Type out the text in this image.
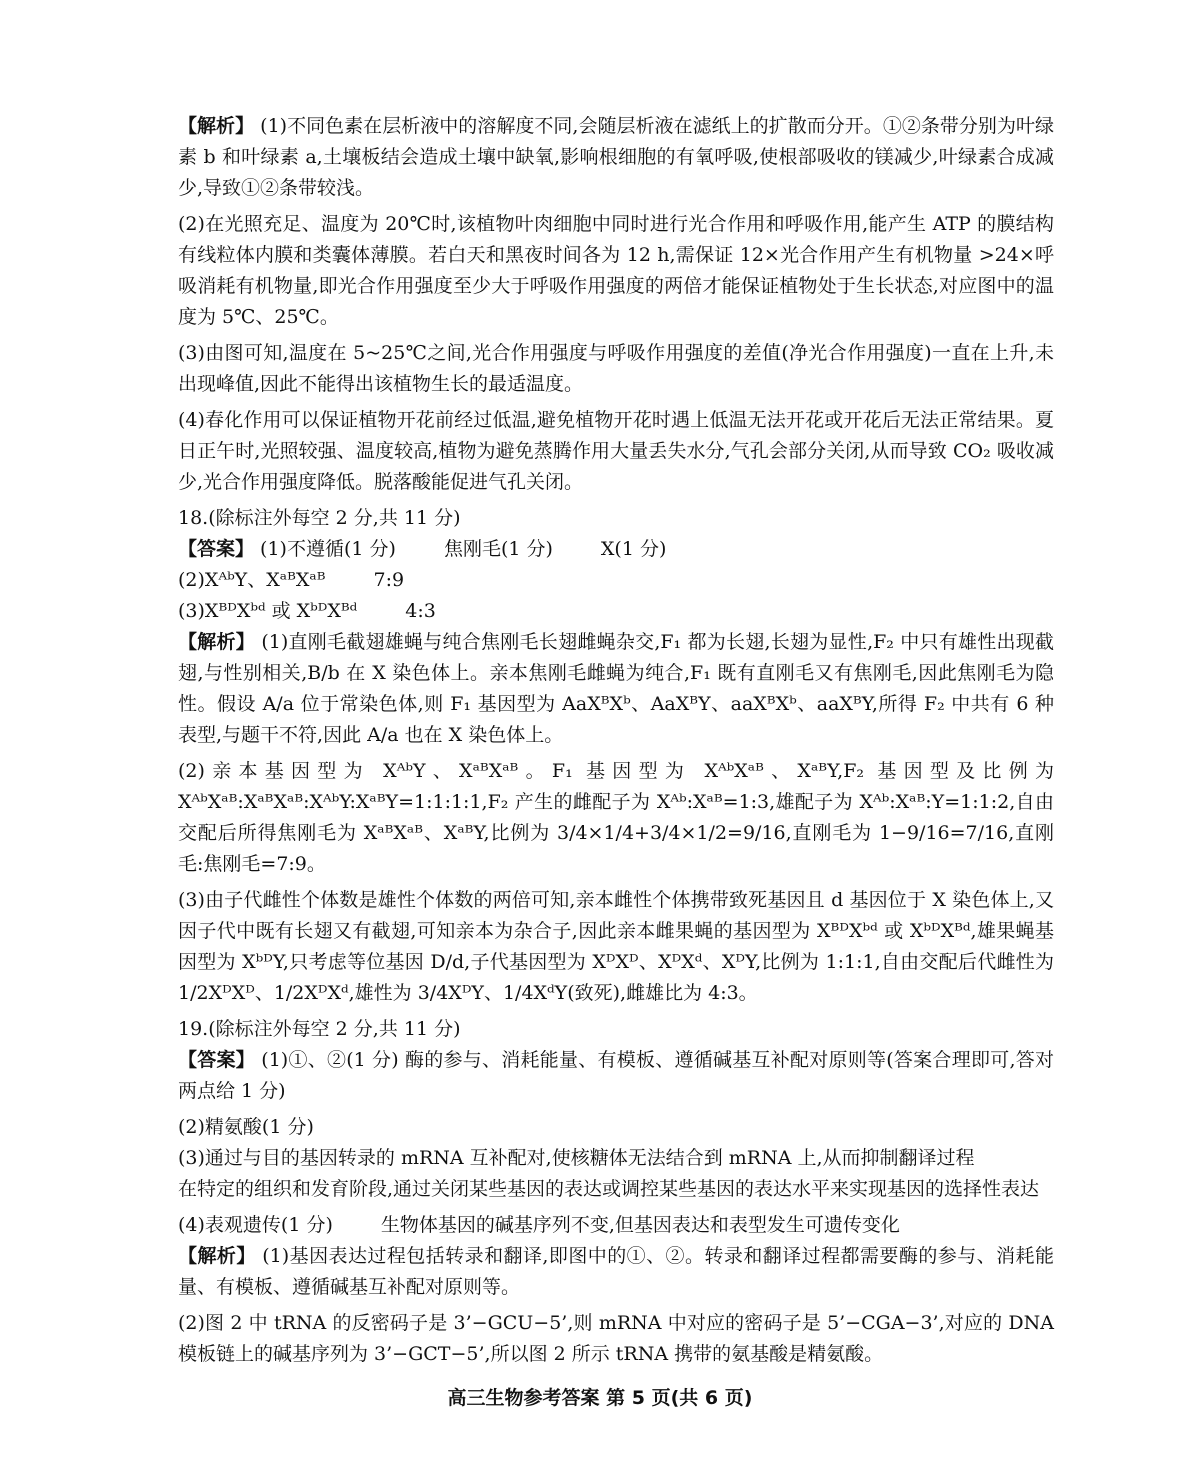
【解析】 (1)不同色素在层析液中的溶解度不同,会随层析液在滤纸上的扩散而分开。①②条带分别为叶绿素 b 和叶绿素 a,土壤板结会造成土壤中缺氧,影响根细胞的有氧呼吸,使根部吸收的镁减少,叶绿素合成减少,导致①②条带较浅。

(2)在光照充足、温度为 20℃时,该植物叶肉细胞中同时进行光合作用和呼吸作用,能产生 ATP 的膜结构有线粒体内膜和类囊体薄膜。若白天和黑夜时间各为 12 h,需保证 12×光合作用产生有机物量 >24×呼吸消耗有机物量,即光合作用强度至少大于呼吸作用强度的两倍才能保证植物处于生长状态,对应图中的温度为 5℃、25℃。

(3)由图可知,温度在 5~25℃之间,光合作用强度与呼吸作用强度的差值(净光合作用强度)一直在上升,未出现峰值,因此不能得出该植物生长的最适温度。

(4)春化作用可以保证植物开花前经过低温,避免植物开花时遇上低温无法开花或开花后无法正常结果。夏日正午时,光照较强、温度较高,植物为避免蒸腾作用大量丢失水分,气孔会部分关闭,从而导致 CO₂ 吸收减少,光合作用强度降低。脱落酸能促进气孔关闭。

18.(除标注外每空 2 分,共 11 分)

【答案】 (1)不遵循(1 分)	焦刚毛(1 分)	X(1 分)

(2)XᴬᵇY、XᵃᴮXᵃᴮ	7:9

(3)XᴮᴰXᵇᵈ 或 XᵇᴰXᴮᵈ	4:3

【解析】 (1)直刚毛截翅雄蝇与纯合焦刚毛长翅雌蝇杂交,F₁ 都为长翅,长翅为显性,F₂ 中只有雄性出现截翅,与性别相关,B/b 在 X 染色体上。亲本焦刚毛雌蝇为纯合,F₁ 既有直刚毛又有焦刚毛,因此焦刚毛为隐性。假设 A/a 位于常染色体,则 F₁ 基因型为 AaXᴮXᵇ、AaXᴮY、aaXᴮXᵇ、aaXᴮY,所得 F₂ 中共有 6 种表型,与题干不符,因此 A/a 也在 X 染色体上。

(2)亲本基因型为 XᴬᵇY、XᵃᴮXᵃᴮ。F₁ 基因型为 XᴬᵇXᵃᴮ、XᵃᴮY,F₂ 基因型及比例为 XᴬᵇXᵃᴮ:XᵃᴮXᵃᴮ:XᴬᵇY:XᵃᴮY=1:1:1:1,F₂ 产生的雌配子为 Xᴬᵇ:Xᵃᴮ=1:3,雄配子为 Xᴬᵇ:Xᵃᴮ:Y=1:1:2,自由交配后所得焦刚毛为 XᵃᴮXᵃᴮ、XᵃᴮY,比例为 3/4×1/4+3/4×1/2=9/16,直刚毛为 1−9/16=7/16,直刚毛:焦刚毛=7:9。

(3)由子代雌性个体数是雄性个体数的两倍可知,亲本雌性个体携带致死基因且 d 基因位于 X 染色体上,又因子代中既有长翅又有截翅,可知亲本为杂合子,因此亲本雌果蝇的基因型为 XᴮᴰXᵇᵈ 或 XᵇᴰXᴮᵈ,雄果蝇基因型为 XᵇᴰY,只考虑等位基因 D/d,子代基因型为 XᴰXᴰ、XᴰXᵈ、XᴰY,比例为 1:1:1,自由交配后代雌性为 1/2XᴰXᴰ、1/2XᴰXᵈ,雄性为 3/4XᴰY、1/4XᵈY(致死),雌雄比为 4:3。

19.(除标注外每空 2 分,共 11 分)

【答案】 (1)①、②(1 分) 酶的参与、消耗能量、有模板、遵循碱基互补配对原则等(答案合理即可,答对两点给 1 分)

(2)精氨酸(1 分)

(3)通过与目的基因转录的 mRNA 互补配对,使核糖体无法结合到 mRNA 上,从而抑制翻译过程

在特定的组织和发育阶段,通过关闭某些基因的表达或调控某些基因的表达水平来实现基因的选择性表达

(4)表观遗传(1 分)	生物体基因的碱基序列不变,但基因表达和表型发生可遗传变化

【解析】 (1)基因表达过程包括转录和翻译,即图中的①、②。转录和翻译过程都需要酶的参与、消耗能量、有模板、遵循碱基互补配对原则等。

(2)图 2 中 tRNA 的反密码子是 3’−GCU−5’,则 mRNA 中对应的密码子是 5’−CGA−3’,对应的 DNA 模板链上的碱基序列为 3’−GCT−5’,所以图 2 所示 tRNA 携带的氨基酸是精氨酸。

高三生物参考答案 第 5 页(共 6 页)
